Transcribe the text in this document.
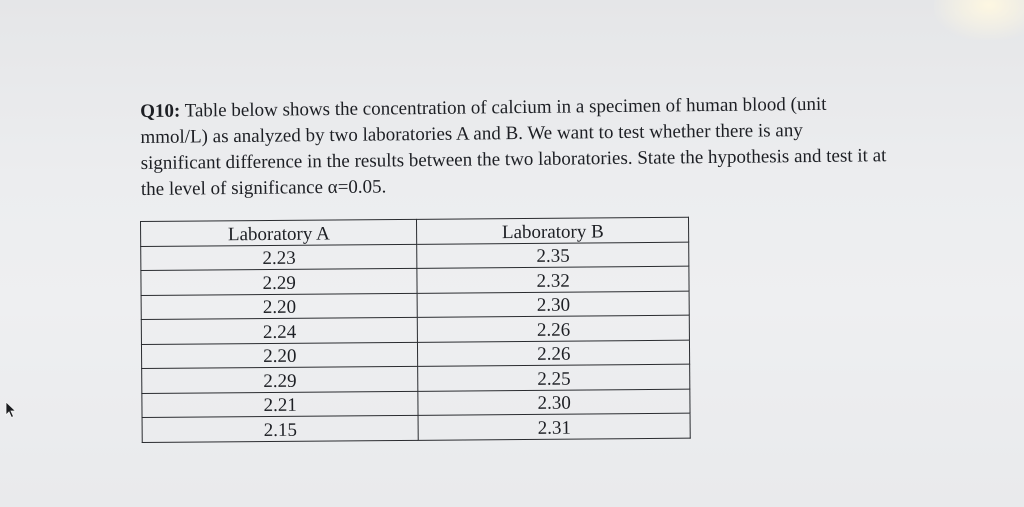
Q10: Table below shows the concentration of calcium in a specimen of human blood (unit
mmol/L) as analyzed by two laboratories A and B. We want to test whether there is any
significant difference in the results between the two laboratories. State the hypothesis and test it at
the level of significance α=0.05.
Laboratory A	Laboratory B
2.23	2.35
2.29	2.32
2.20	2.30
2.24	2.26
2.20	2.26
2.29	2.25
2.21	2.30
2.15	2.31
